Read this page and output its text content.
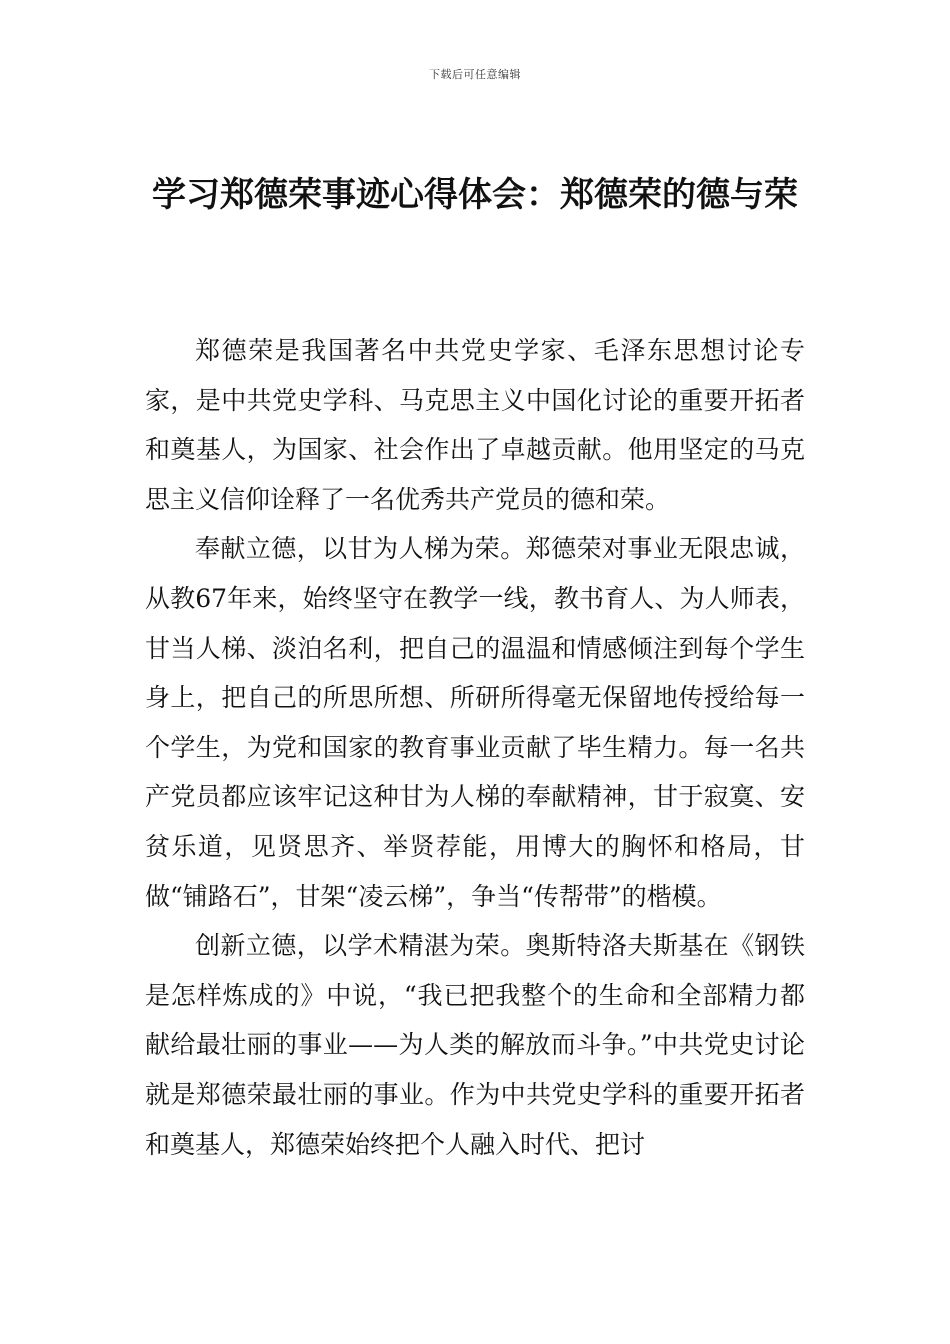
下载后可任意编辑
学习郑德荣事迹心得体会：郑德荣的德与荣

郑德荣是我国著名中共党史学家、毛泽东思想讨论专家，是中共党史学科、马克思主义中国化讨论的重要开拓者和奠基人，为国家、社会作出了卓越贡献。他用坚定的马克思主义信仰诠释了一名优秀共产党员的德和荣。

奉献立德，以甘为人梯为荣。郑德荣对事业无限忠诚，从教67年来，始终坚守在教学一线，教书育人、为人师表，甘当人梯、淡泊名利，把自己的温温和情感倾注到每个学生身上，把自己的所思所想、所研所得毫无保留地传授给每一个学生，为党和国家的教育事业贡献了毕生精力。每一名共产党员都应该牢记这种甘为人梯的奉献精神，甘于寂寞、安贫乐道，见贤思齐、举贤荐能，用博大的胸怀和格局，甘做“铺路石”，甘架“凌云梯”，争当“传帮带”的楷模。

创新立德，以学术精湛为荣。奥斯特洛夫斯基在《钢铁是怎样炼成的》中说，“我已把我整个的生命和全部精力都献给最壮丽的事业——为人类的解放而斗争。”中共党史讨论就是郑德荣最壮丽的事业。作为中共党史学科的重要开拓者和奠基人，郑德荣始终把个人融入时代、把讨
